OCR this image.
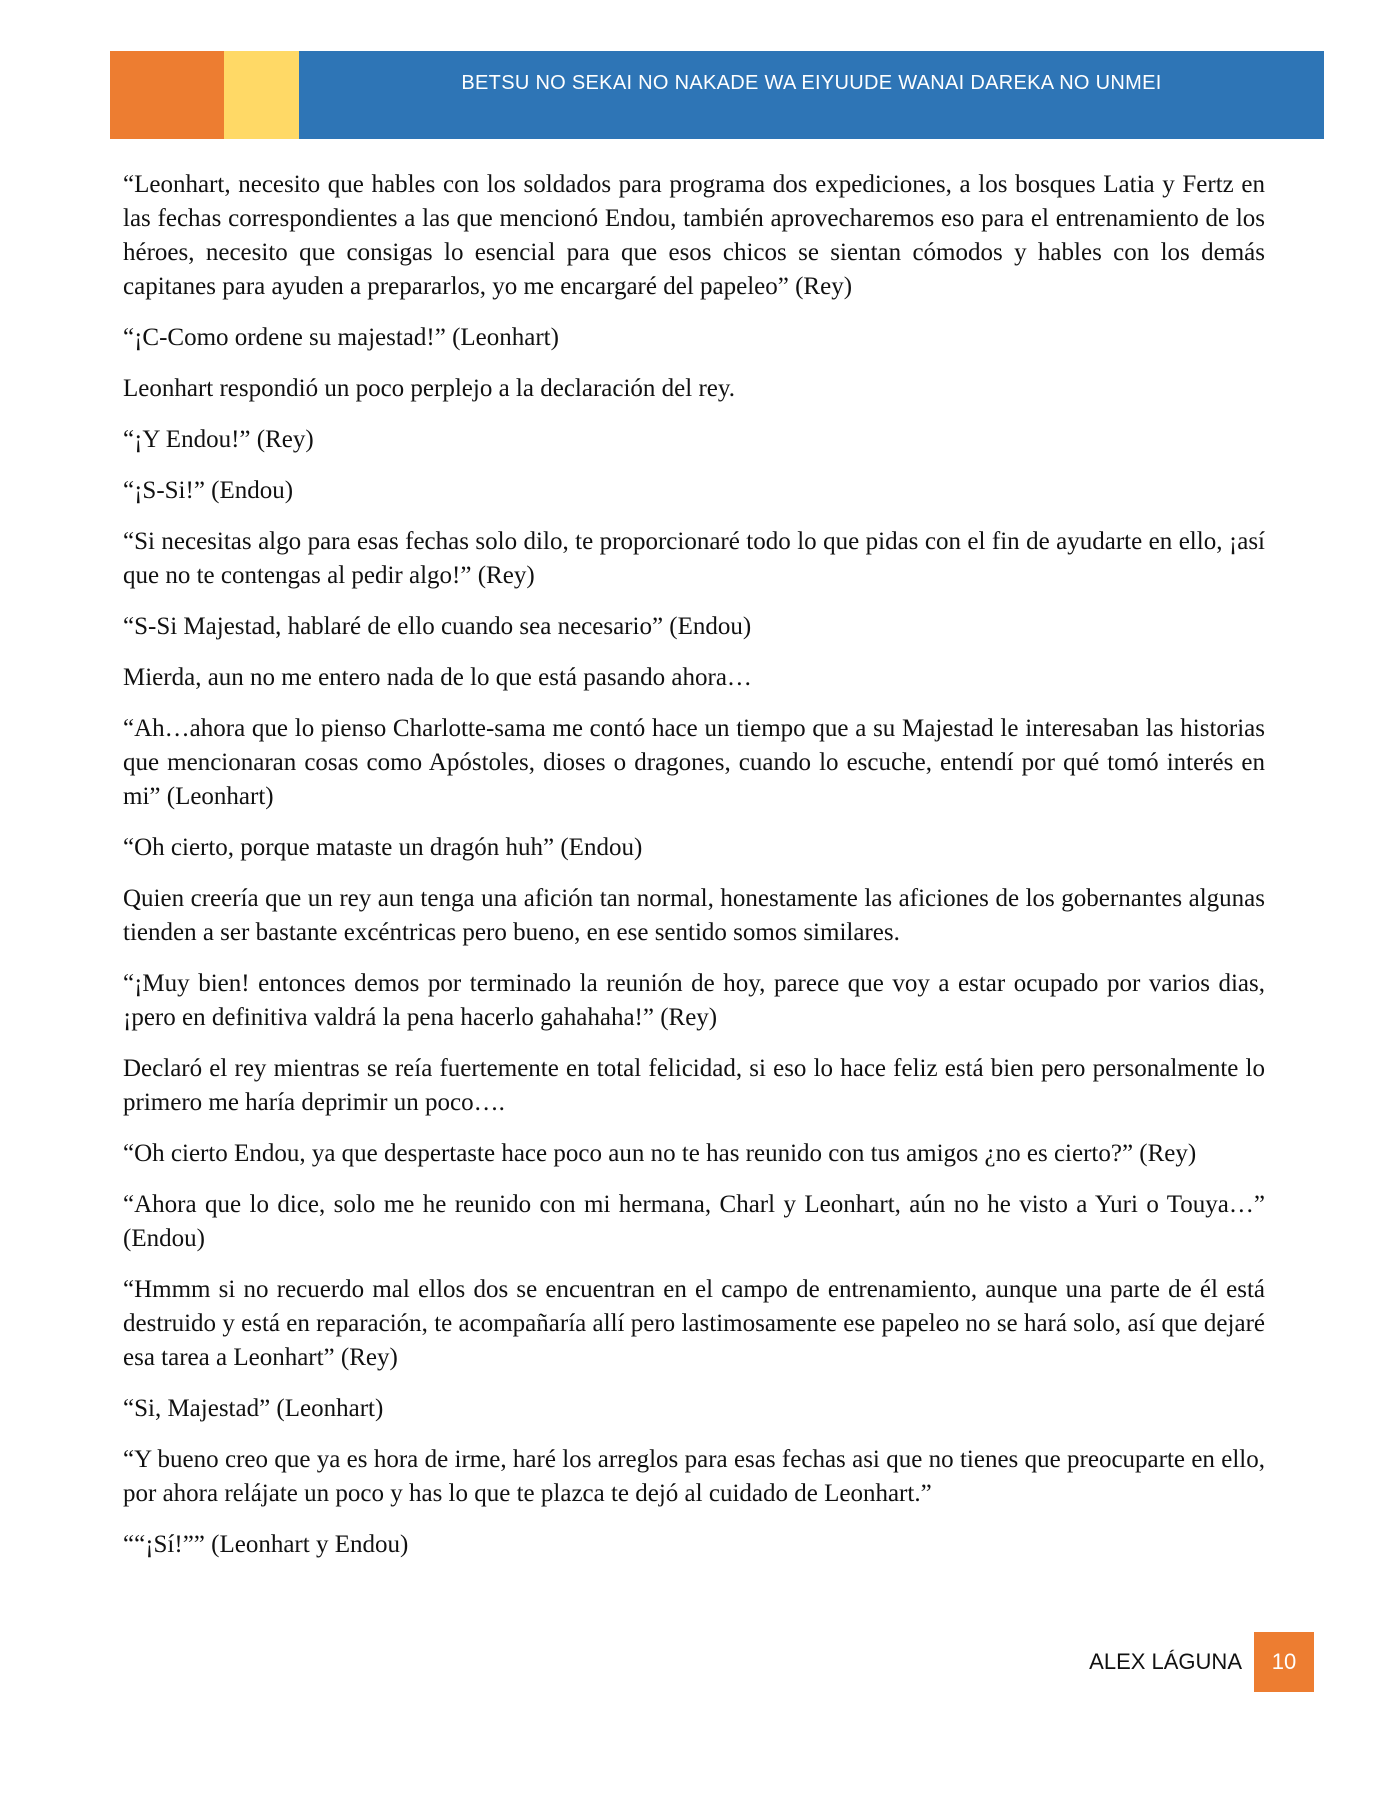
BETSU NO SEKAI NO NAKADE WA EIYUUDE WANAI DAREKA NO UNMEI

“Leonhart, necesito que hables con los soldados para programa dos expediciones, a los bosques Latia y Fertz en las fechas correspondientes a las que mencionó Endou, también aprovecharemos eso para el entrenamiento de los héroes, necesito que consigas lo esencial para que esos chicos se sientan cómodos y hables con los demás capitanes para ayuden a prepararlos, yo me encargaré del papeleo” (Rey)

“¡C-Como ordene su majestad!” (Leonhart)

Leonhart respondió un poco perplejo a la declaración del rey.

“¡Y Endou!” (Rey)

“¡S-Si!” (Endou)

“Si necesitas algo para esas fechas solo dilo, te proporcionaré todo lo que pidas con el fin de ayudarte en ello, ¡así que no te contengas al pedir algo!” (Rey)

“S-Si Majestad, hablaré de ello cuando sea necesario” (Endou)

Mierda, aun no me entero nada de lo que está pasando ahora…

“Ah…ahora que lo pienso Charlotte-sama me contó hace un tiempo que a su Majestad le interesaban las historias que mencionaran cosas como Apóstoles, dioses o dragones, cuando lo escuche, entendí por qué tomó interés en mi” (Leonhart)

“Oh cierto, porque mataste un dragón huh” (Endou)

Quien creería que un rey aun tenga una afición tan normal, honestamente las aficiones de los gobernantes algunas tienden a ser bastante excéntricas pero bueno, en ese sentido somos similares.

“¡Muy bien! entonces demos por terminado la reunión de hoy, parece que voy a estar ocupado por varios dias, ¡pero en definitiva valdrá la pena hacerlo gahahaha!” (Rey)

Declaró el rey mientras se reía fuertemente en total felicidad, si eso lo hace feliz está bien pero personalmente lo primero me haría deprimir un poco….

“Oh cierto Endou, ya que despertaste hace poco aun no te has reunido con tus amigos ¿no es cierto?” (Rey)

“Ahora que lo dice, solo me he reunido con mi hermana, Charl y Leonhart, aún no he visto a Yuri o Touya…” (Endou)

“Hmmm si no recuerdo mal ellos dos se encuentran en el campo de entrenamiento, aunque una parte de él está destruido y está en reparación, te acompañaría allí pero lastimosamente ese papeleo no se hará solo, así que dejaré esa tarea a Leonhart” (Rey)

“Si, Majestad” (Leonhart)

“Y bueno creo que ya es hora de irme, haré los arreglos para esas fechas asi que no tienes que preocuparte en ello, por ahora relájate un poco y has lo que te plazca te dejó al cuidado de Leonhart.”

““¡Sí!”” (Leonhart y Endou)

ALEX LÁGUNA	10
